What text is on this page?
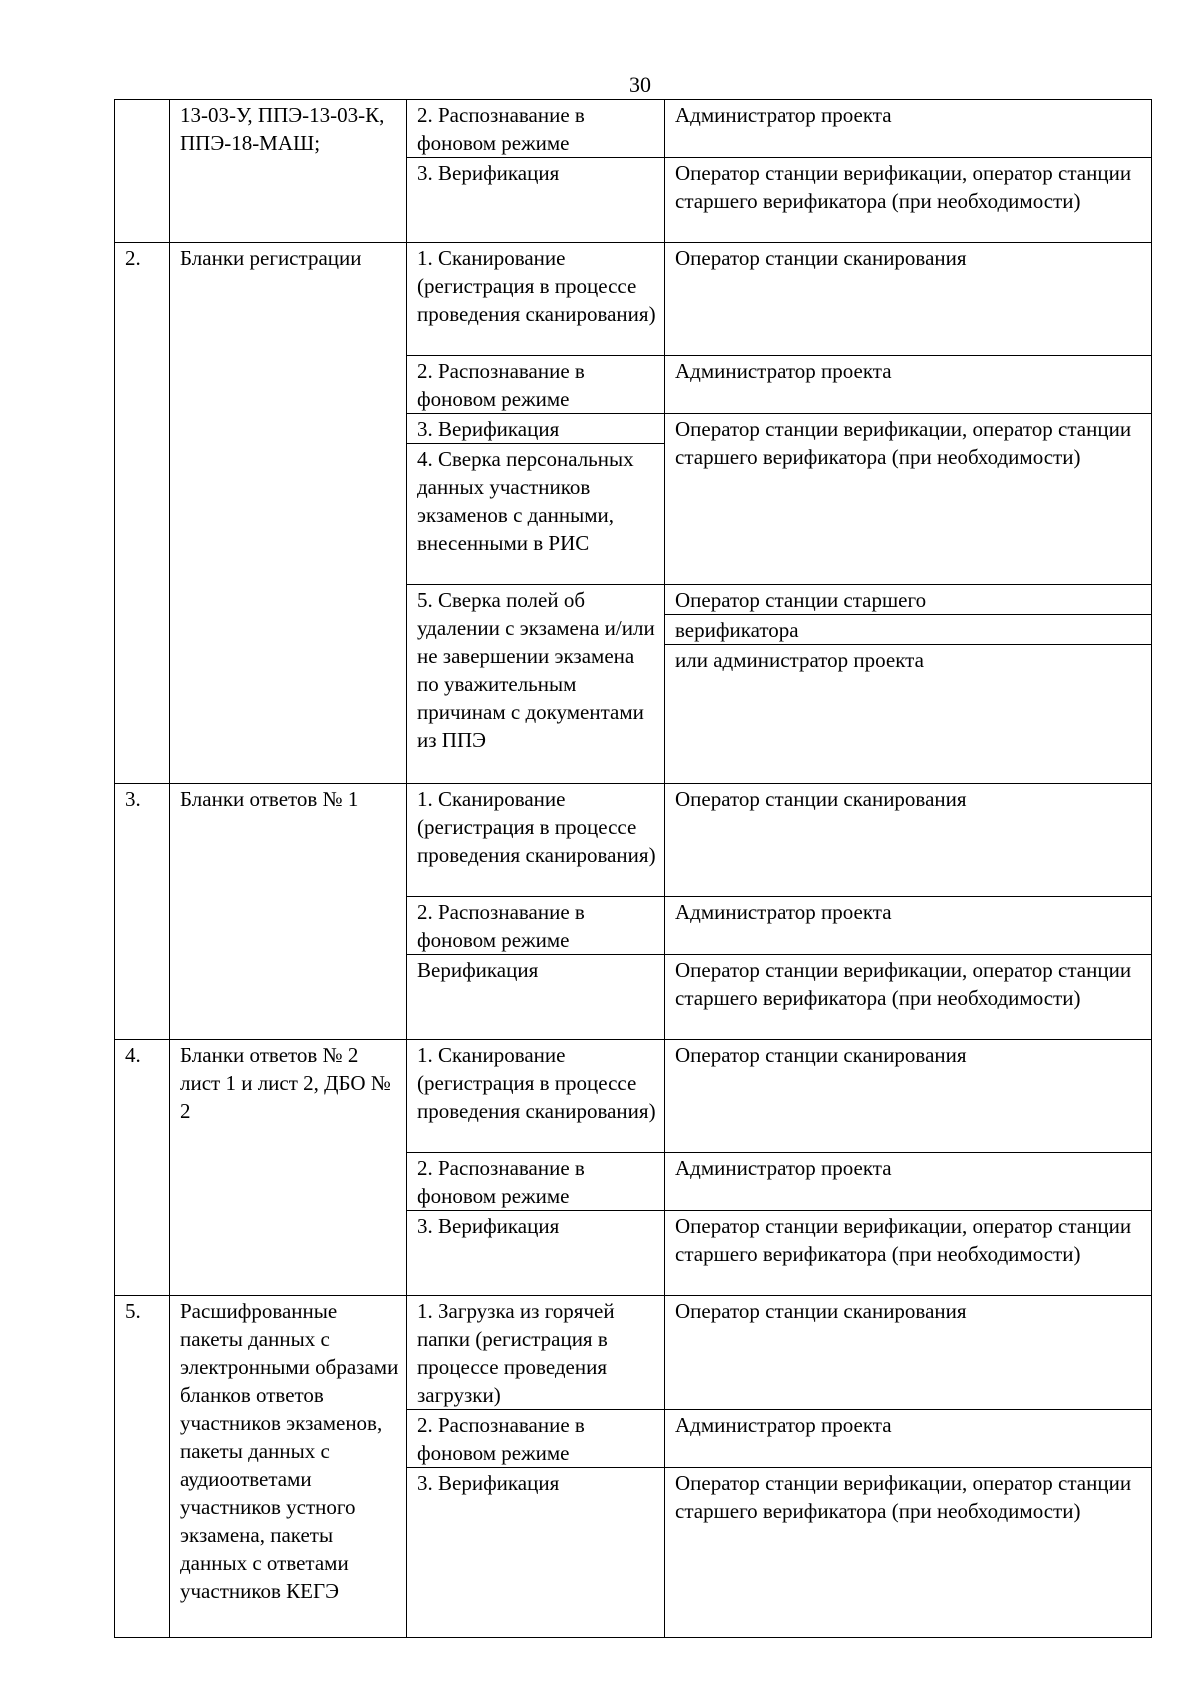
30
	13-03-У, ППЭ-13-03-К, ППЭ-18-МАШ;	2. Распознавание в фоновом режиме	Администратор проекта
		3. Верификация	Оператор станции верификации, оператор станции старшего верификатора (при необходимости)
2.	Бланки регистрации	1. Сканирование (регистрация в процессе проведения сканирования)	Оператор станции сканирования
		2. Распознавание в фоновом режиме	Администратор проекта
		3. Верификация	Оператор станции верификации, оператор станции старшего верификатора (при необходимости)
		4. Сверка персональных данных участников экзаменов с данными, внесенными в РИС	
		5. Сверка полей об удалении с экзамена и/или не завершении экзамена по уважительным причинам с документами из ППЭ	Оператор станции старшего
			верификатора
			или администратор проекта
3.	Бланки ответов № 1	1. Сканирование (регистрация в процессе проведения сканирования)	Оператор станции сканирования
		2. Распознавание в фоновом режиме	Администратор проекта
		Верификация	Оператор станции верификации, оператор станции старшего верификатора (при необходимости)
4.	Бланки ответов № 2 лист 1 и лист 2, ДБО № 2	1. Сканирование (регистрация в процессе проведения сканирования)	Оператор станции сканирования
		2. Распознавание в фоновом режиме	Администратор проекта
		3. Верификация	Оператор станции верификации, оператор станции старшего верификатора (при необходимости)
5.	Расшифрованные пакеты данных с электронными образами бланков ответов участников экзаменов, пакеты данных с аудиоответами участников устного экзамена, пакеты данных с ответами участников КЕГЭ	1. Загрузка из горячей папки (регистрация в процессе проведения загрузки)	Оператор станции сканирования
		2. Распознавание в фоновом режиме	Администратор проекта
		3. Верификация	Оператор станции верификации, оператор станции старшего верификатора (при необходимости)
